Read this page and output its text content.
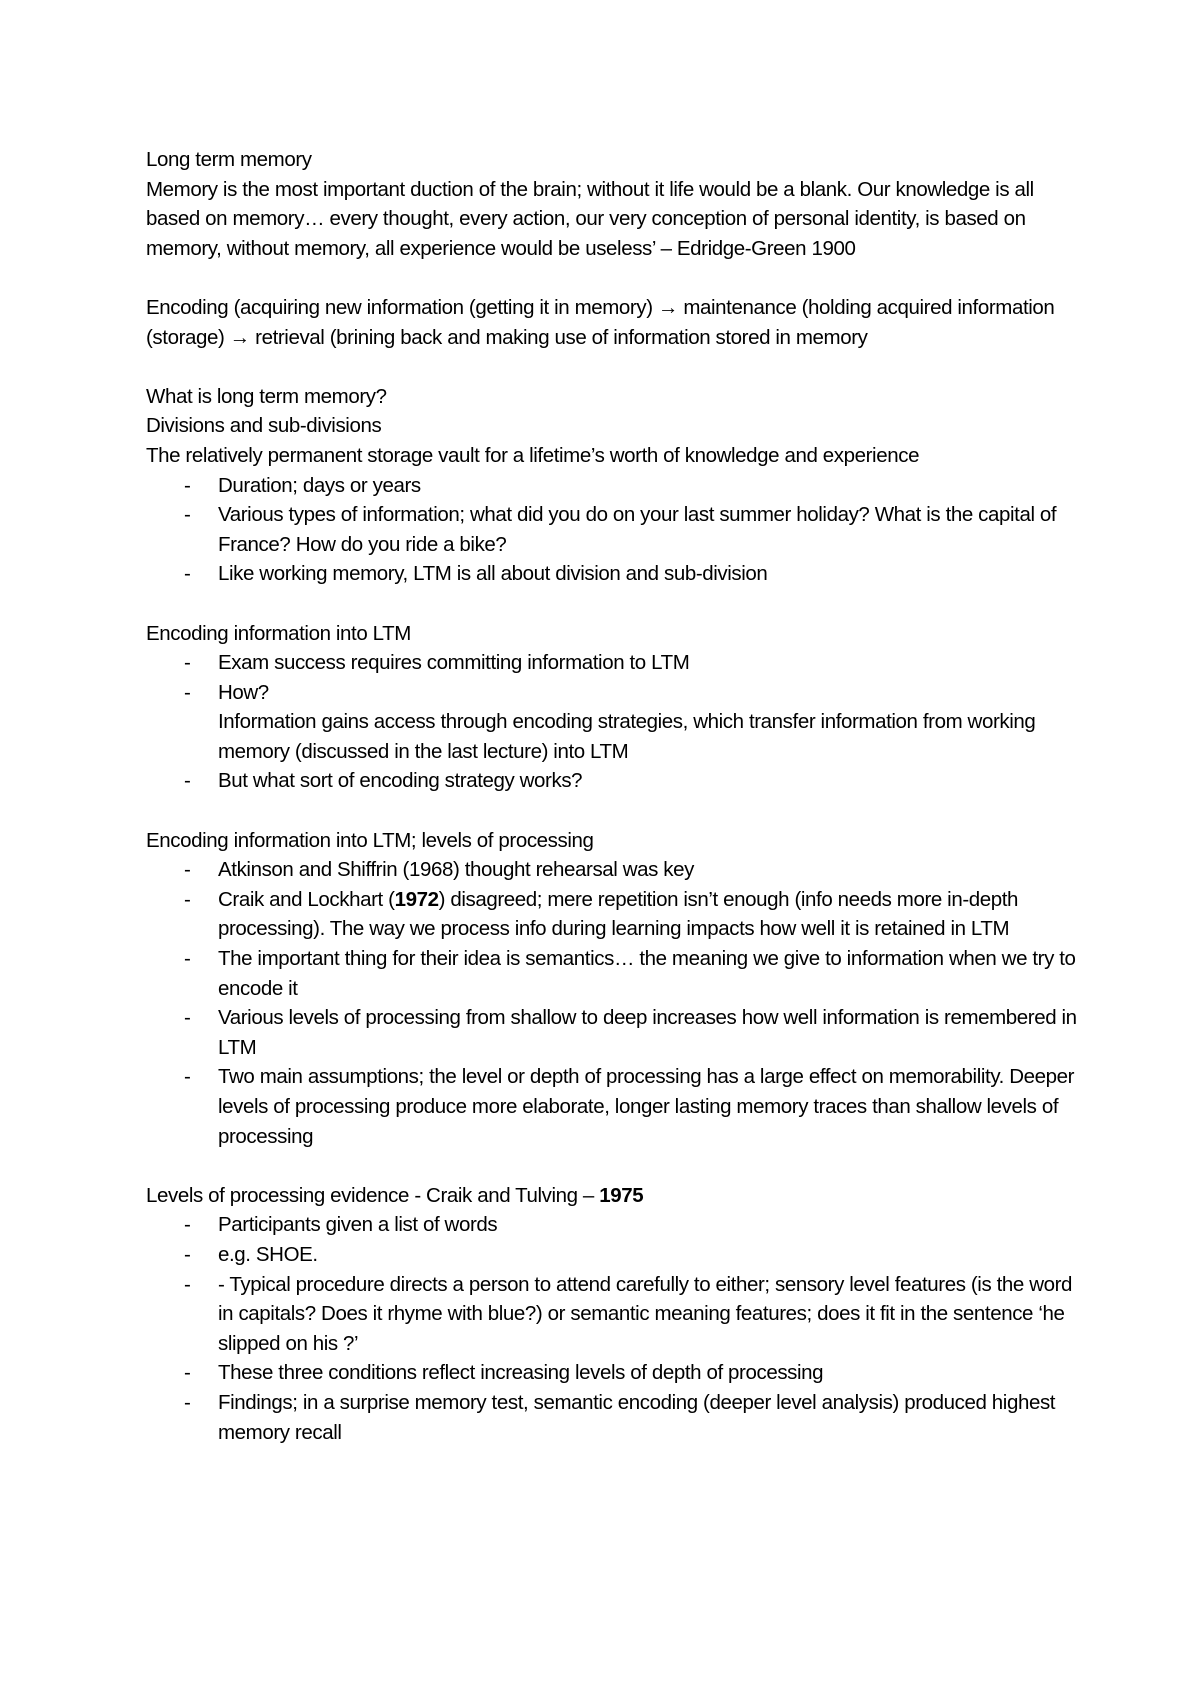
Long term memory

Memory is the most important duction of the brain; without it life would be a blank. Our knowledge is all based on memory… every thought, every action, our very conception of personal identity, is based on memory, without memory, all experience would be useless’ – Edridge-Green 1900

Encoding (acquiring new information (getting it in memory) → maintenance (holding acquired information (storage) → retrieval (brining back and making use of information stored in memory

What is long term memory?

Divisions and sub-divisions

The relatively permanent storage vault for a lifetime’s worth of knowledge and experience

- Duration; days or years
- Various types of information; what did you do on your last summer holiday? What is the capital of France? How do you ride a bike?
- Like working memory, LTM is all about division and sub-division

Encoding information into LTM

- Exam success requires committing information to LTM
- How?
Information gains access through encoding strategies, which transfer information from working memory (discussed in the last lecture) into LTM
- But what sort of encoding strategy works?

Encoding information into LTM; levels of processing

- Atkinson and Shiffrin (1968) thought rehearsal was key
- Craik and Lockhart (1972) disagreed; mere repetition isn’t enough (info needs more in-depth processing). The way we process info during learning impacts how well it is retained in LTM
- The important thing for their idea is semantics… the meaning we give to information when we try to encode it
- Various levels of processing from shallow to deep increases how well information is remembered in LTM
- Two main assumptions; the level or depth of processing has a large effect on memorability. Deeper levels of processing produce more elaborate, longer lasting memory traces than shallow levels of processing

Levels of processing evidence - Craik and Tulving – 1975

- Participants given a list of words
- e.g. SHOE.
- - Typical procedure directs a person to attend carefully to either; sensory level features (is the word in capitals? Does it rhyme with blue?) or semantic meaning features; does it fit in the sentence ‘he slipped on his ?’
- These three conditions reflect increasing levels of depth of processing
- Findings; in a surprise memory test, semantic encoding (deeper level analysis) produced highest memory recall
